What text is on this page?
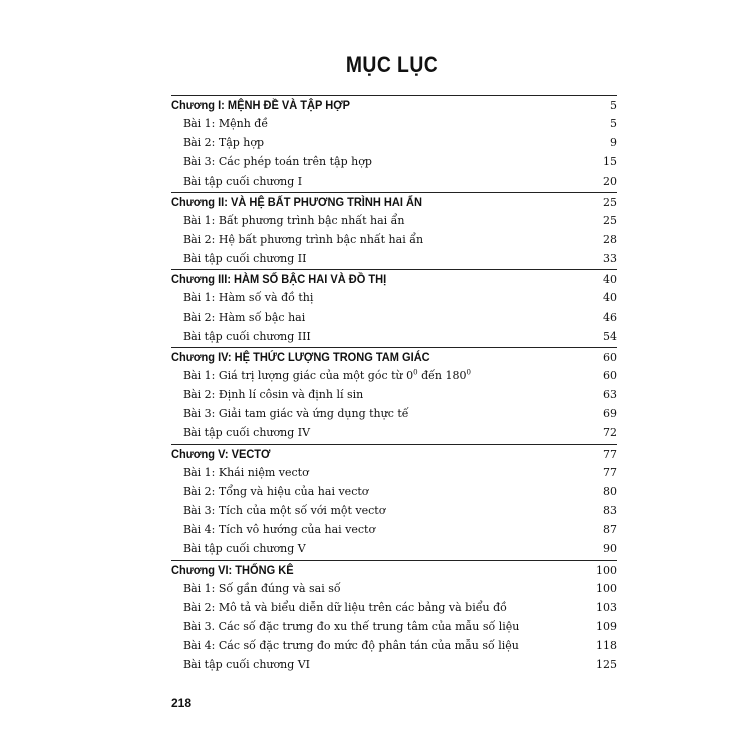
MỤC LỤC
Chương I: MỆNH ĐỀ VÀ TẬP HỢP	5
Bài 1: Mệnh đề	5
Bài 2: Tập hợp	9
Bài 3: Các phép toán trên tập hợp	15
Bài tập cuối chương I	20
Chương II: VÀ HỆ BẤT PHƯƠNG TRÌNH HAI ẨN	25
Bài 1: Bất phương trình bậc nhất hai ẩn	25
Bài 2: Hệ bất phương trình bậc nhất hai ẩn	28
Bài tập cuối chương II	33
Chương III: HÀM SỐ BẬC HAI VÀ ĐỒ THỊ	40
Bài 1: Hàm số và đồ thị	40
Bài 2: Hàm số bậc hai	46
Bài tập cuối chương III	54
Chương IV: HỆ THỨC LƯỢNG TRONG TAM GIÁC	60
Bài 1: Giá trị lượng giác của một góc từ $0^0$ đến $180^0$	60
Bài 2: Định lí côsin và định lí sin	63
Bài 3: Giải tam giác và ứng dụng thực tế	69
Bài tập cuối chương IV	72
Chương V: VECTƠ	77
Bài 1: Khái niệm vectơ	77
Bài 2: Tổng và hiệu của hai vectơ	80
Bài 3: Tích của một số với một vectơ	83
Bài 4: Tích vô hướng của hai vectơ	87
Bài tập cuối chương V	90
Chương VI: THỐNG KÊ	100
Bài 1: Số gần đúng và sai số	100
Bài 2: Mô tả và biểu diễn dữ liệu trên các bảng và biểu đồ	103
Bài 3. Các số đặc trưng đo xu thế trung tâm của mẫu số liệu	109
Bài 4: Các số đặc trưng đo mức độ phân tán của mẫu số liệu	118
Bài tập cuối chương VI	125
218
